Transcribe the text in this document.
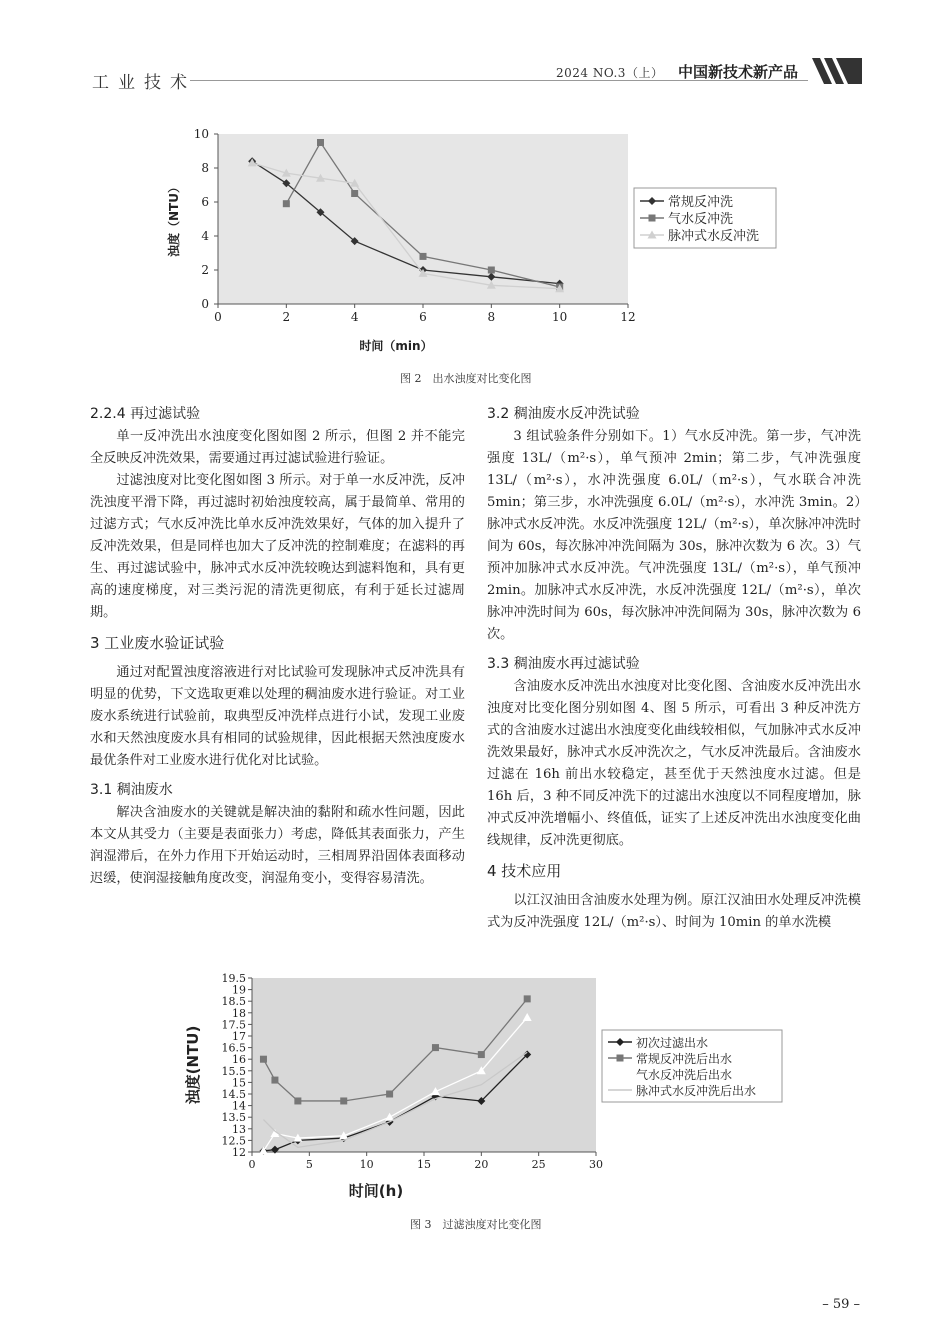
工业技术	2024 NO.3（上） 中国新技术新产品
0	2	4	6	8	10	12
0
2
4
6
8
10
时间（min）
浊度（NTU）	常规反冲洗
气水反冲洗
脉冲式水反冲洗
图 2　出水浊度对比变化图
2.2.4 再过滤试验

单一反冲洗出水浊度变化图如图 2 所示，但图 2 并不能完全反映反冲洗效果，需要通过再过滤试验进行验证。

过滤浊度对比变化图如图 3 所示。对于单一水反冲洗，反冲洗浊度平滑下降，再过滤时初始浊度较高，属于最简单、常用的过滤方式；气水反冲洗比单水反冲洗效果好，气体的加入提升了反冲洗效果，但是同样也加大了反冲洗的控制难度；在滤料的再生、再过滤试验中，脉冲式水反冲洗较晚达到滤料饱和，具有更高的速度梯度，对三类污泥的清洗更彻底，有利于延长过滤周期。

3 工业废水验证试验

通过对配置浊度溶液进行对比试验可发现脉冲式反冲洗具有明显的优势，下文选取更难以处理的稠油废水进行验证。对工业废水系统进行试验前，取典型反冲洗样点进行小试，发现工业废水和天然浊度废水具有相同的试验规律，因此根据天然浊度废水最优条件对工业废水进行优化对比试验。

3.1 稠油废水

解决含油废水的关键就是解决油的黏附和疏水性问题，因此本文从其受力（主要是表面张力）考虑，降低其表面张力，产生润湿滞后，在外力作用下开始运动时，三相周界沿固体表面移动迟缓，使润湿接触角度改变，润湿角变小，变得容易清洗。

3.2 稠油废水反冲洗试验

3 组试验条件分别如下。1）气水反冲洗。第一步，气冲洗强度 13L/（m²·s），单气预冲 2min；第二步，气冲洗强度 13L/（m²·s），水冲洗强度 6.0L/（m²·s），气水联合冲洗 5min；第三步，水冲洗强度 6.0L/（m²·s），水冲洗 3min。2）脉冲式水反冲洗。水反冲洗强度 12L/（m²·s），单次脉冲冲洗时间为 60s，每次脉冲冲洗间隔为 30s，脉冲次数为 6 次。3）气预冲加脉冲式水反冲洗。气冲洗强度 13L/（m²·s），单气预冲 2min。加脉冲式水反冲洗，水反冲洗强度 12L/（m²·s），单次脉冲冲洗时间为 60s，每次脉冲冲洗间隔为 30s，脉冲次数为 6 次。

3.3 稠油废水再过滤试验

含油废水反冲洗出水浊度对比变化图、含油废水反冲洗出水浊度对比变化图分别如图 4、图 5 所示，可看出 3 种反冲洗方式的含油废水过滤出水浊度变化曲线较相似，气加脉冲式水反冲洗效果最好，脉冲式水反冲洗次之，气水反冲洗最后。含油废水过滤在 16h 前出水较稳定，甚至优于天然浊度水过滤。但是 16h 后，3 种不同反冲洗下的过滤出水浊度以不同程度增加，脉冲式反冲洗增幅小、终值低，证实了上述反冲洗出水浊度变化曲线规律，反冲洗更彻底。

4 技术应用

以江汉油田含油废水处理为例。原江汉油田水处理反冲洗模式为反冲洗强度 12L/（m²·s）、时间为 10min 的单水洗模

0	5	10	15	20	25	30
12
12.5
13
13.5
14
14.5
15
15.5
16
16.5
17
17.5
18
18.5
19
19.5
时间(h)
浊度(NTU)	初次过滤出水
常规反冲洗后出水
气水反冲洗后出水
脉冲式水反冲洗后出水
图 3　过滤浊度对比变化图
– 59 –
